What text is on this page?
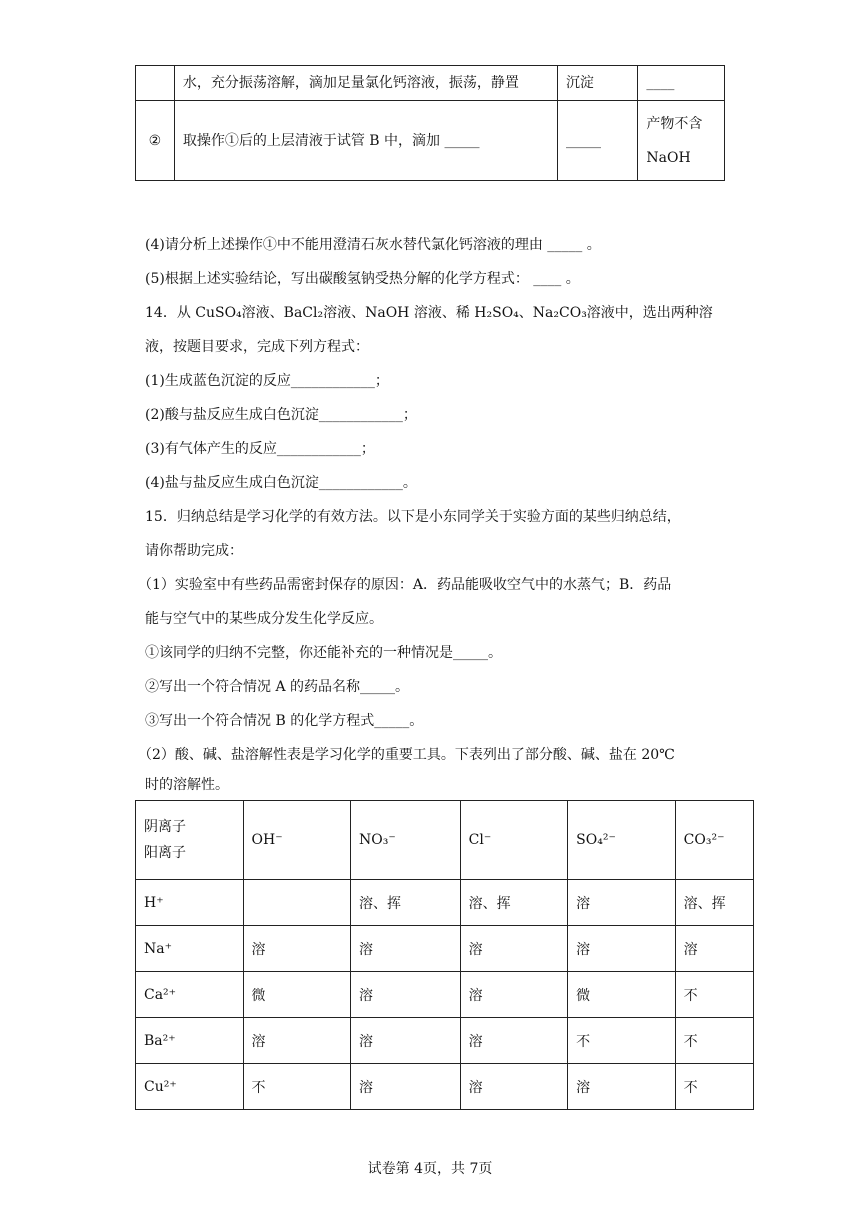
	水，充分振荡溶解，滴加足量氯化钙溶液，振荡，静置	沉淀	____
②	取操作①后的上层清液于试管 B 中，滴加 _____	_____	产物不含
NaOH
(4)请分析上述操作①中不能用澄清石灰水替代氯化钙溶液的理由 _____ 。
(5)根据上述实验结论，写出碳酸氢钠受热分解的化学方程式： ____ 。
14．从 CuSO₄溶液、BaCl₂溶液、NaOH 溶液、稀 H₂SO₄、Na₂CO₃溶液中，选出两种溶
液，按题目要求，完成下列方程式：
(1)生成蓝色沉淀的反应____________；
(2)酸与盐反应生成白色沉淀____________；
(3)有气体产生的反应____________；
(4)盐与盐反应生成白色沉淀____________。
15．归纳总结是学习化学的有效方法。以下是小东同学关于实验方面的某些归纳总结，
请你帮助完成：
（1）实验室中有些药品需密封保存的原因：A．药品能吸收空气中的水蒸气；B．药品
能与空气中的某些成分发生化学反应。
①该同学的归纳不完整，你还能补充的一种情况是_____。
②写出一个符合情况 A 的药品名称_____。
③写出一个符合情况 B 的化学方程式_____。
（2）酸、碱、盐溶解性表是学习化学的重要工具。下表列出了部分酸、碱、盐在 20℃
时的溶解性。
阴离子
阳离子	OH⁻	NO₃⁻	Cl⁻	SO₄²⁻	CO₃²⁻
H⁺		溶、挥	溶、挥	溶	溶、挥
Na⁺	溶	溶	溶	溶	溶
Ca²⁺	微	溶	溶	微	不
Ba²⁺	溶	溶	溶	不	不
Cu²⁺	不	溶	溶	溶	不
试卷第 4页，共 7页
